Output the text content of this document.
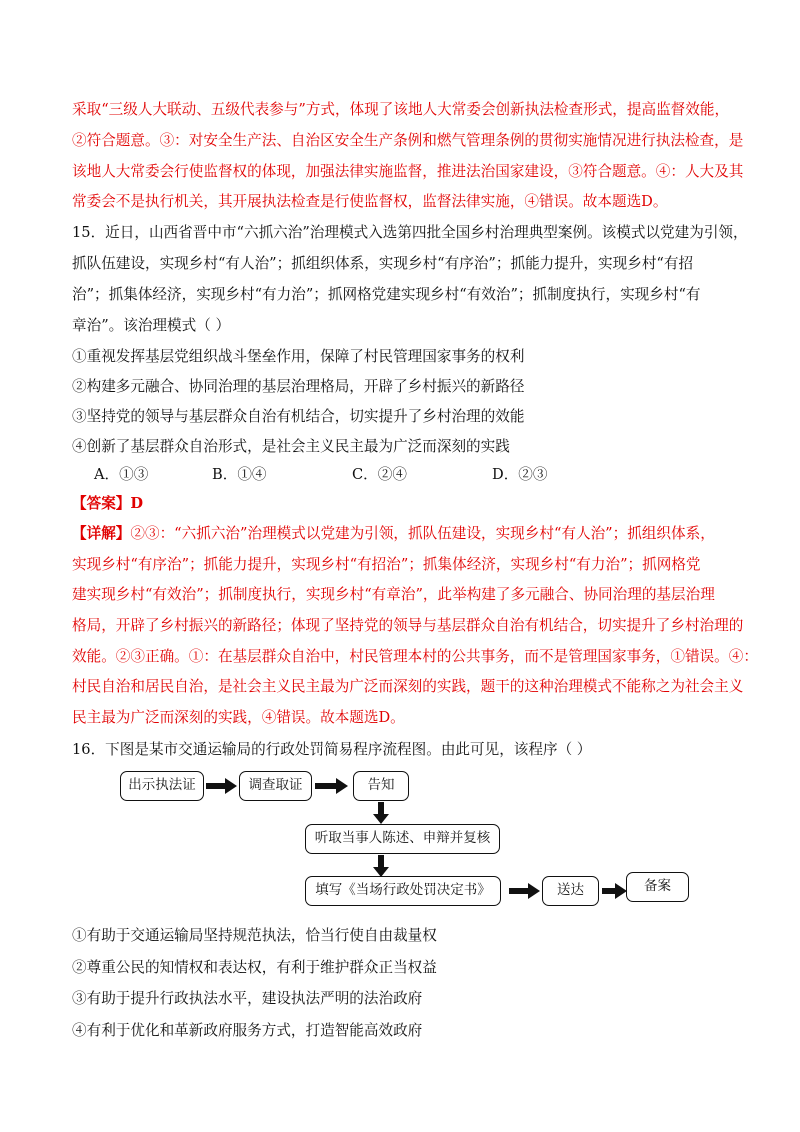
采取“三级人大联动、五级代表参与”方式，体现了该地人大常委会创新执法检查形式，提高监督效能，
②符合题意。③：对安全生产法、自治区安全生产条例和燃气管理条例的贯彻实施情况进行执法检查，是
该地人大常委会行使监督权的体现，加强法律实施监督，推进法治国家建设，③符合题意。④：人大及其
常委会不是执行机关，其开展执法检查是行使监督权，监督法律实施，④错误。故本题选D。
15．近日，山西省晋中市“六抓六治”治理模式入选第四批全国乡村治理典型案例。该模式以党建为引领，
抓队伍建设，实现乡村“有人治”；抓组织体系，实现乡村“有序治”；抓能力提升，实现乡村“有招
治”；抓集体经济，实现乡村“有力治”；抓网格党建实现乡村“有效治”；抓制度执行，实现乡村“有
章治”。该治理模式（ ）
①重视发挥基层党组织战斗堡垒作用，保障了村民管理国家事务的权利
②构建多元融合、协同治理的基层治理格局，开辟了乡村振兴的新路径
③坚持党的领导与基层群众自治有机结合，切实提升了乡村治理的效能
④创新了基层群众自治形式，是社会主义民主最为广泛而深刻的实践
A．①③	B．①④	C．②④	D．②③
【答案】D
【详解】②③：“六抓六治”治理模式以党建为引领，抓队伍建设，实现乡村“有人治”；抓组织体系，
实现乡村“有序治”；抓能力提升，实现乡村“有招治”；抓集体经济，实现乡村“有力治”；抓网格党
建实现乡村“有效治”；抓制度执行，实现乡村“有章治”，此举构建了多元融合、协同治理的基层治理
格局，开辟了乡村振兴的新路径；体现了坚持党的领导与基层群众自治有机结合，切实提升了乡村治理的
效能。②③正确。①：在基层群众自治中，村民管理本村的公共事务，而不是管理国家事务，①错误。④：
村民自治和居民自治，是社会主义民主最为广泛而深刻的实践，题干的这种治理模式不能称之为社会主义
民主最为广泛而深刻的实践，④错误。故本题选D。
16．下图是某市交通运输局的行政处罚简易程序流程图。由此可见，该程序（ ）
出示执法证	调查取证	告知
听取当事人陈述、申辩并复核
填写《当场行政处罚决定书》	送达	备案
①有助于交通运输局坚持规范执法，恰当行使自由裁量权
②尊重公民的知情权和表达权，有利于维护群众正当权益
③有助于提升行政执法水平，建设执法严明的法治政府
④有利于优化和革新政府服务方式，打造智能高效政府
